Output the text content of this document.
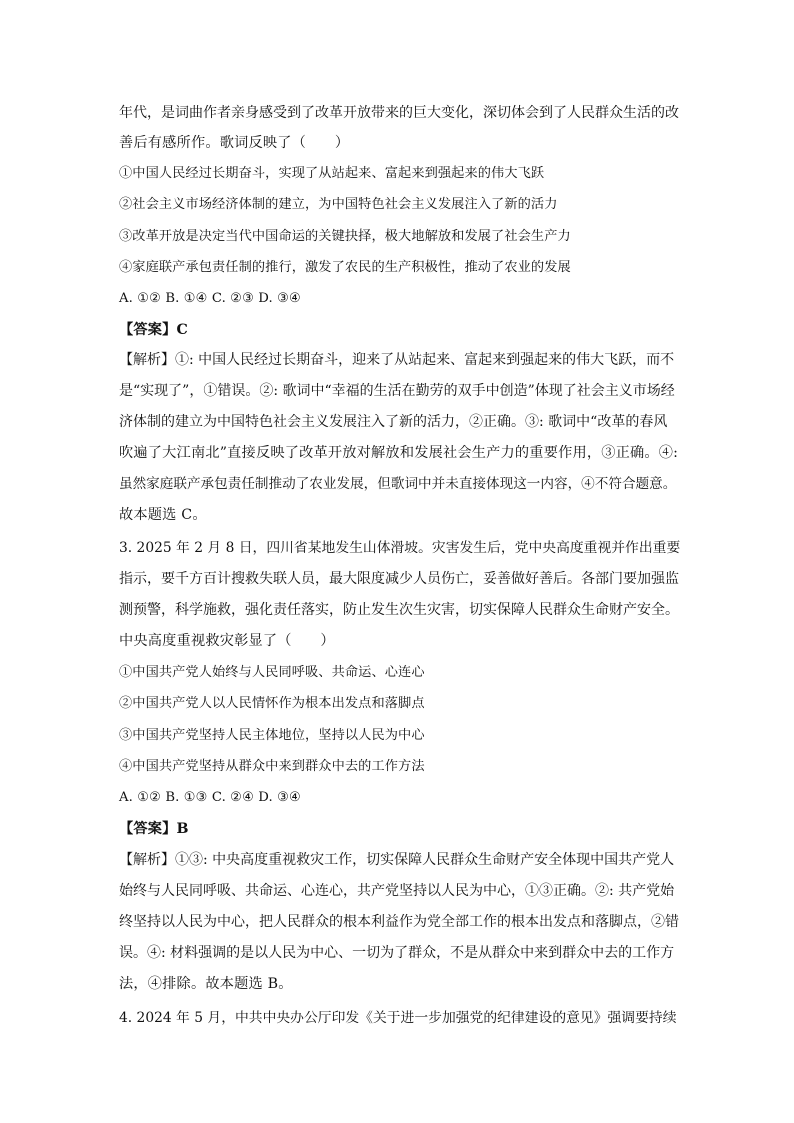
年代，是词曲作者亲身感受到了改革开放带来的巨大变化，深切体会到了人民群众生活的改
善后有感所作。歌词反映了（　　）
①中国人民经过长期奋斗，实现了从站起来、富起来到强起来的伟大飞跃
②社会主义市场经济体制的建立，为中国特色社会主义发展注入了新的活力
③改革开放是决定当代中国命运的关键抉择，极大地解放和发展了社会生产力
④家庭联产承包责任制的推行，激发了农民的生产积极性，推动了农业的发展
A. ①② B. ①④ C. ②③ D. ③④
【答案】C
【解析】①: 中国人民经过长期奋斗，迎来了从站起来、富起来到强起来的伟大飞跃，而不
是“实现了”，①错误。②: 歌词中“幸福的生活在勤劳的双手中创造”体现了社会主义市场经
济体制的建立为中国特色社会主义发展注入了新的活力，②正确。③: 歌词中“改革的春风
吹遍了大江南北”直接反映了改革开放对解放和发展社会生产力的重要作用，③正确。④:
虽然家庭联产承包责任制推动了农业发展，但歌词中并未直接体现这一内容，④不符合题意。
故本题选 C。
3. 2025 年 2 月 8 日，四川省某地发生山体滑坡。灾害发生后，党中央高度重视并作出重要
指示，要千方百计搜救失联人员，最大限度减少人员伤亡，妥善做好善后。各部门要加强监
测预警，科学施救，强化责任落实，防止发生次生灾害，切实保障人民群众生命财产安全。
中央高度重视救灾彰显了（　　）
①中国共产党人始终与人民同呼吸、共命运、心连心
②中国共产党人以人民情怀作为根本出发点和落脚点
③中国共产党坚持人民主体地位，坚持以人民为中心
④中国共产党坚持从群众中来到群众中去的工作方法
A. ①② B. ①③ C. ②④ D. ③④
【答案】B
【解析】①③: 中央高度重视救灾工作，切实保障人民群众生命财产安全体现中国共产党人
始终与人民同呼吸、共命运、心连心，共产党坚持以人民为中心，①③正确。②: 共产党始
终坚持以人民为中心，把人民群众的根本利益作为党全部工作的根本出发点和落脚点，②错
误。④: 材料强调的是以人民为中心、一切为了群众，不是从群众中来到群众中去的工作方
法，④排除。故本题选 B。
4. 2024 年 5 月，中共中央办公厅印发《关于进一步加强党的纪律建设的意见》强调要持续
